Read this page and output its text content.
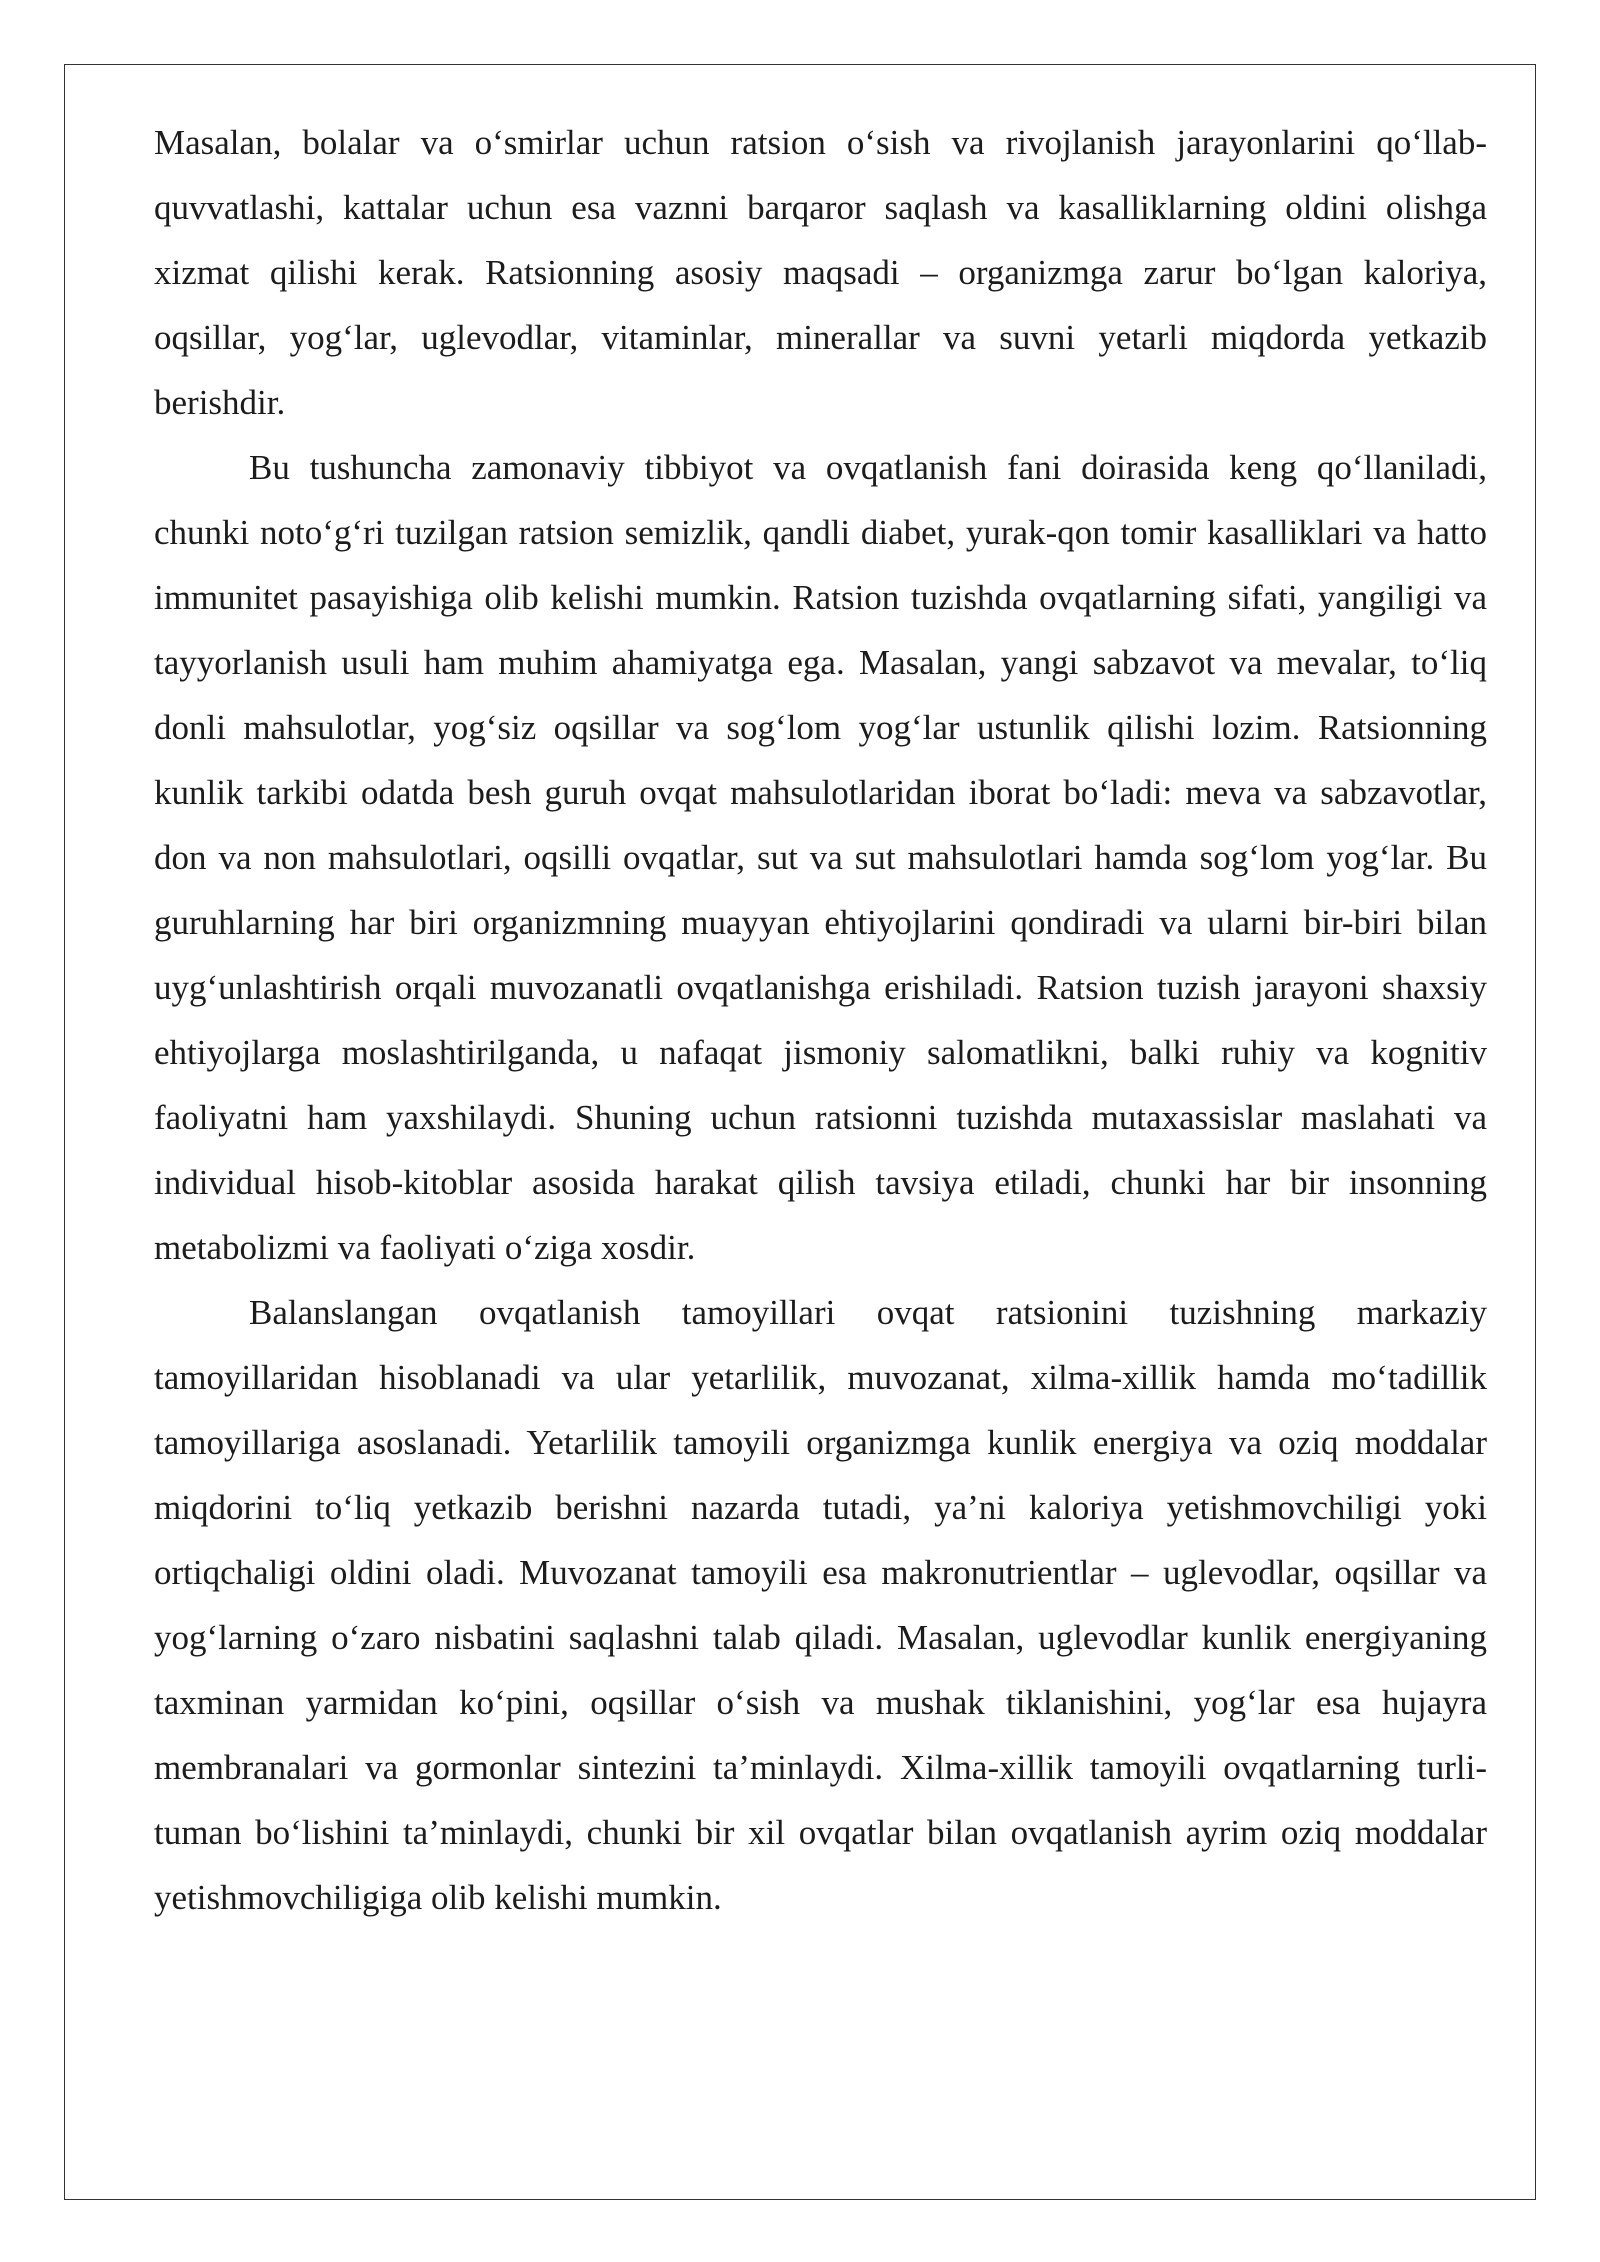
Masalan, bolalar va o‘smirlar uchun ratsion o‘sish va rivojlanish jarayonlarini qo‘llab-quvvatlashi, kattalar uchun esa vaznni barqaror saqlash va kasalliklarning oldini olishga xizmat qilishi kerak. Ratsionning asosiy maqsadi – organizmga zarur bo‘lgan kaloriya, oqsillar, yog‘lar, uglevodlar, vitaminlar, minerallar va suvni yetarli miqdorda yetkazib berishdir.

Bu tushuncha zamonaviy tibbiyot va ovqatlanish fani doirasida keng qo‘llaniladi, chunki noto‘g‘ri tuzilgan ratsion semizlik, qandli diabet, yurak-qon tomir kasalliklari va hatto immunitet pasayishiga olib kelishi mumkin. Ratsion tuzishda ovqatlarning sifati, yangiligi va tayyorlanish usuli ham muhim ahamiyatga ega. Masalan, yangi sabzavot va mevalar, to‘liq donli mahsulotlar, yog‘siz oqsillar va sog‘lom yog‘lar ustunlik qilishi lozim. Ratsionning kunlik tarkibi odatda besh guruh ovqat mahsulotlaridan iborat bo‘ladi: meva va sabzavotlar, don va non mahsulotlari, oqsilli ovqatlar, sut va sut mahsulotlari hamda sog‘lom yog‘lar. Bu guruhlarning har biri organizmning muayyan ehtiyojlarini qondiradi va ularni bir-biri bilan uyg‘unlashtirish orqali muvozanatli ovqatlanishga erishiladi. Ratsion tuzish jarayoni shaxsiy ehtiyojlarga moslashtirilganda, u nafaqat jismoniy salomatlikni, balki ruhiy va kognitiv faoliyatni ham yaxshilaydi. Shuning uchun ratsionni tuzishda mutaxassislar maslahati va individual hisob-kitoblar asosida harakat qilish tavsiya etiladi, chunki har bir insonning metabolizmi va faoliyati o‘ziga xosdir.

Balanslangan ovqatlanish tamoyillari ovqat ratsionini tuzishning markaziy tamoyillaridan hisoblanadi va ular yetarlilik, muvozanat, xilma-xillik hamda mo‘tadillik tamoyillariga asoslanadi. Yetarlilik tamoyili organizmga kunlik energiya va oziq moddalar miqdorini to‘liq yetkazib berishni nazarda tutadi, ya’ni kaloriya yetishmovchiligi yoki ortiqchaligi oldini oladi. Muvozanat tamoyili esa makronutrientlar – uglevodlar, oqsillar va yog‘larning o‘zaro nisbatini saqlashni talab qiladi. Masalan, uglevodlar kunlik energiyaning taxminan yarmidan ko‘pini, oqsillar o‘sish va mushak tiklanishini, yog‘lar esa hujayra membranalari va gormonlar sintezini ta’minlaydi. Xilma-xillik tamoyili ovqatlarning turli-tuman bo‘lishini ta’minlaydi, chunki bir xil ovqatlar bilan ovqatlanish ayrim oziq moddalar yetishmovchiligiga olib kelishi mumkin.
